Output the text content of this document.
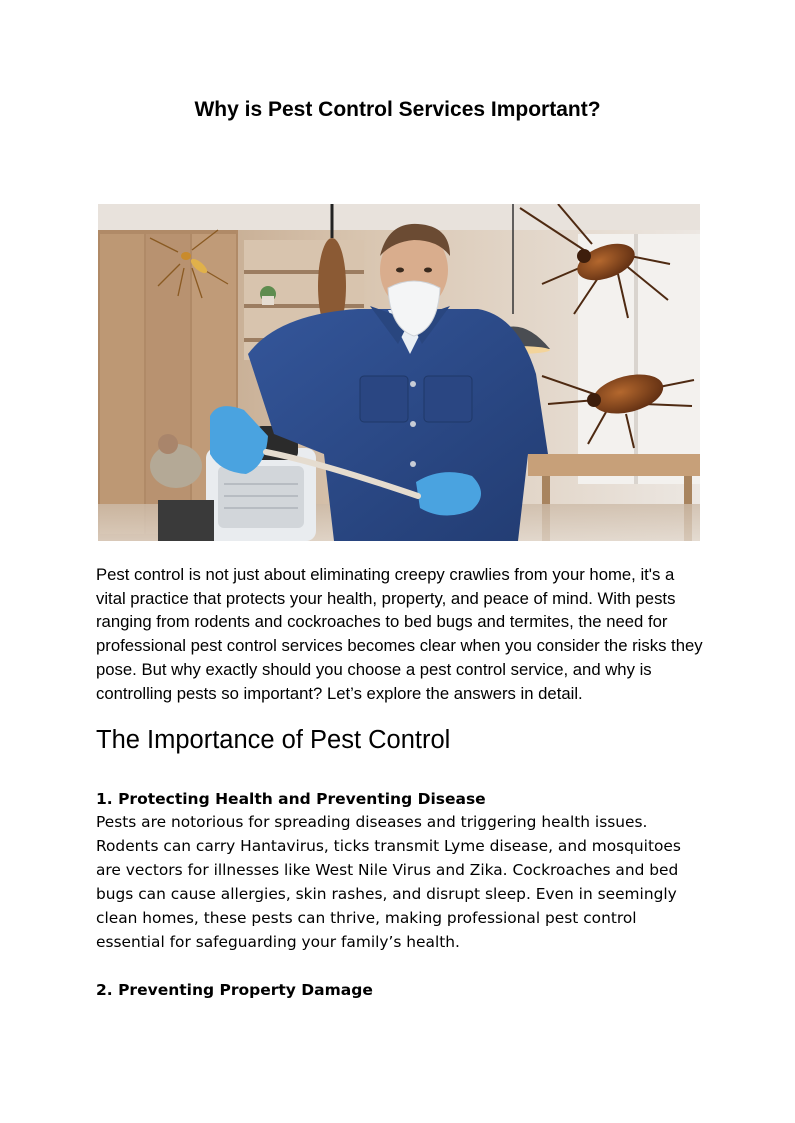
Why is Pest Control Services Important?

Pest control is not just about eliminating creepy crawlies from your home, it's a vital practice that protects your health, property, and peace of mind. With pests ranging from rodents and cockroaches to bed bugs and termites, the need for professional pest control services becomes clear when you consider the risks they pose. But why exactly should you choose a pest control service, and why is controlling pests so important? Let’s explore the answers in detail.

The Importance of Pest Control

1. Protecting Health and Preventing Disease

Pests are notorious for spreading diseases and triggering health issues. Rodents can carry Hantavirus, ticks transmit Lyme disease, and mosquitoes are vectors for illnesses like West Nile Virus and Zika. Cockroaches and bed bugs can cause allergies, skin rashes, and disrupt sleep. Even in seemingly clean homes, these pests can thrive, making professional pest control essential for safeguarding your family’s health.

2. Preventing Property Damage
